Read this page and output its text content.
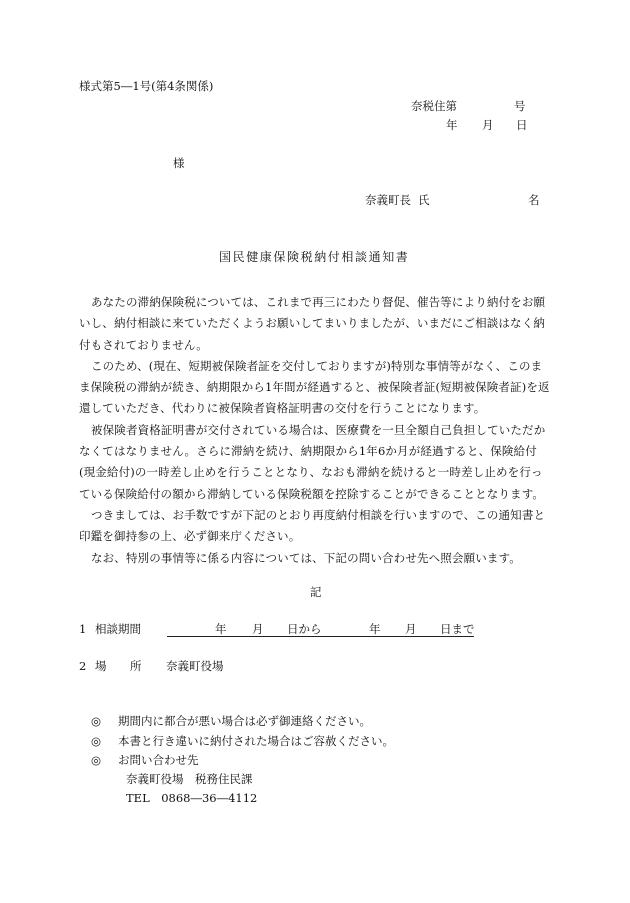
様式第5―1号(第4条関係)
奈税住第	号
年 月 日
様
奈義町長 氏	名
国民健康保険税納付相談通知書

あなたの滞納保険税については、これまで再三にわたり督促、催告等により納付をお願いし、納付相談に来ていただくようお願いしてまいりましたが、いまだにご相談はなく納付もされておりません。

このため、(現在、短期被保険者証を交付しておりますが)特別な事情等がなく、このまま保険税の滞納が続き、納期限から1年間が経過すると、被保険者証(短期被保険者証)を返還していただき、代わりに被保険者資格証明書の交付を行うことになります。

被保険者資格証明書が交付されている場合は、医療費を一旦全額自己負担していただかなくてはなりません。さらに滞納を続け、納期限から1年6か月が経過すると、保険給付(現金給付)の一時差し止めを行うこととなり、なおも滞納を続けると一時差し止めを行っている保険給付の額から滞納している保険税額を控除することができることとなります。

つきましては、お手数ですが下記のとおり再度納付相談を行いますので、この通知書と印鑑を御持参の上、必ず御来庁ください。

なお、特別の事情等に係る内容については、下記の問い合わせ先へ照会願います。

記
1 相談期間	年 月 日から	年 月 日まで
2 場 所 奈義町役場
◎ 期間内に都合が悪い場合は必ず御連絡ください。
◎ 本書と行き違いに納付された場合はご容赦ください。
◎ お問い合わせ先
奈義町役場　税務住民課
TEL　0868―36―4112
